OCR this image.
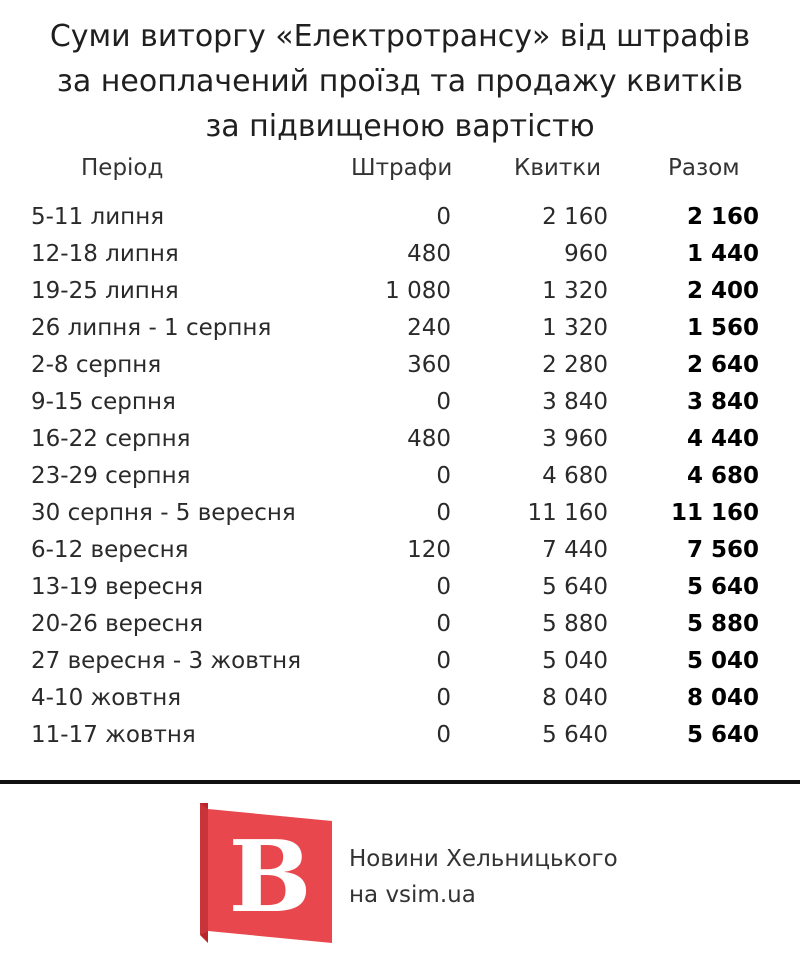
Суми виторгу «Електротрансу» від штрафів
за неоплачений проїзд та продажу квитків
за підвищеною вартістю
Період	Штрафи	Квитки	Разом
5-11 липня	0	2 160	2 160
12-18 липня	480	960	1 440
19-25 липня	1 080	1 320	2 400
26 липня - 1 серпня	240	1 320	1 560
2-8 серпня	360	2 280	2 640
9-15 серпня	0	3 840	3 840
16-22 серпня	480	3 960	4 440
23-29 серпня	0	4 680	4 680
30 серпня - 5 вересня	0	11 160	11 160
6-12 вересня	120	7 440	7 560
13-19 вересня	0	5 640	5 640
20-26 вересня	0	5 880	5 880
27 вересня - 3 жовтня	0	5 040	5 040
4-10 жовтня	0	8 040	8 040
11-17 жовтня	0	5 640	5 640
B Новини Хельницького
на vsim.ua
